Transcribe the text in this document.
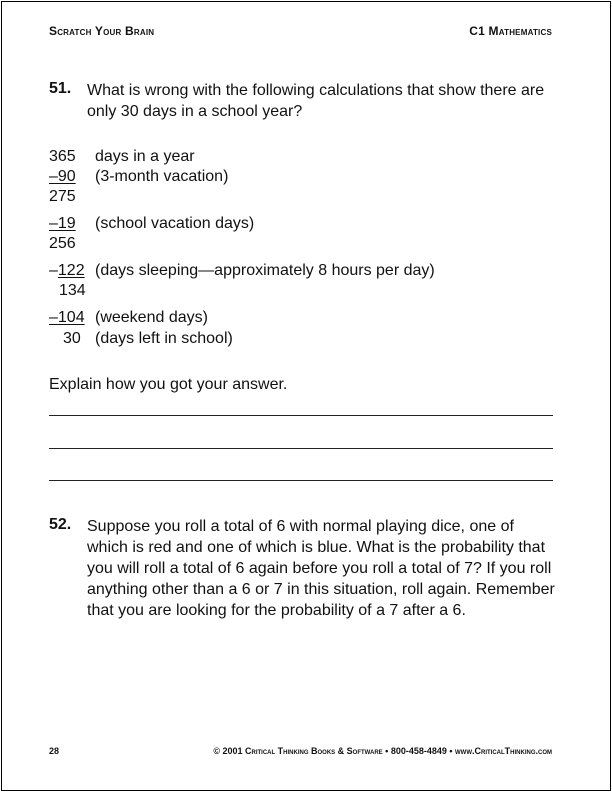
Scratch Your Brain	C1 Mathematics
51. What is wrong with the following calculations that show there are
only 30 days in a school year?
365	days in a year
–90	(3-month vacation)
275
–19	(school vacation days)
256
–122 (days sleeping—approximately 8 hours per day)
134
–104 (weekend days)
30 (days left in school)
Explain how you got your answer.
52. Suppose you roll a total of 6 with normal playing dice, one of
which is red and one of which is blue. What is the probability that
you will roll a total of 6 again before you roll a total of 7? If you roll
anything other than a 6 or 7 in this situation, roll again. Remember
that you are looking for the probability of a 7 after a 6.
28	© 2001 Critical Thinking Books & Software • 800-458-4849 • www.CriticalThinking.com
